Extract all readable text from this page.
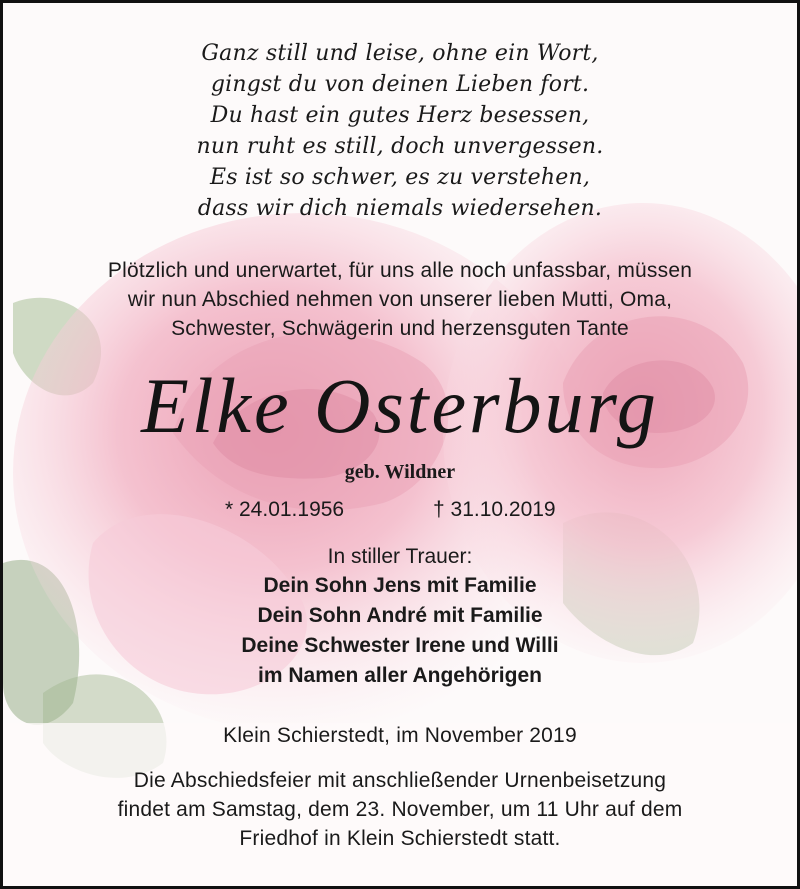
Ganz still und leise, ohne ein Wort,
gingst du von deinen Lieben fort.
Du hast ein gutes Herz besessen,
nun ruht es still, doch unvergessen.
Es ist so schwer, es zu verstehen,
dass wir dich niemals wiedersehen.
Plötzlich und unerwartet, für uns alle noch unfassbar, müssen
wir nun Abschied nehmen von unserer lieben Mutti, Oma,
Schwester, Schwägerin und herzensguten Tante
Elke Osterburg
geb. Wildner
* 24.01.1956	† 31.10.2019
In stiller Trauer:
Dein Sohn Jens mit Familie
Dein Sohn André mit Familie
Deine Schwester Irene und Willi
im Namen aller Angehörigen
Klein Schierstedt, im November 2019
Die Abschiedsfeier mit anschließender Urnenbeisetzung
findet am Samstag, dem 23. November, um 11 Uhr auf dem
Friedhof in Klein Schierstedt statt.
